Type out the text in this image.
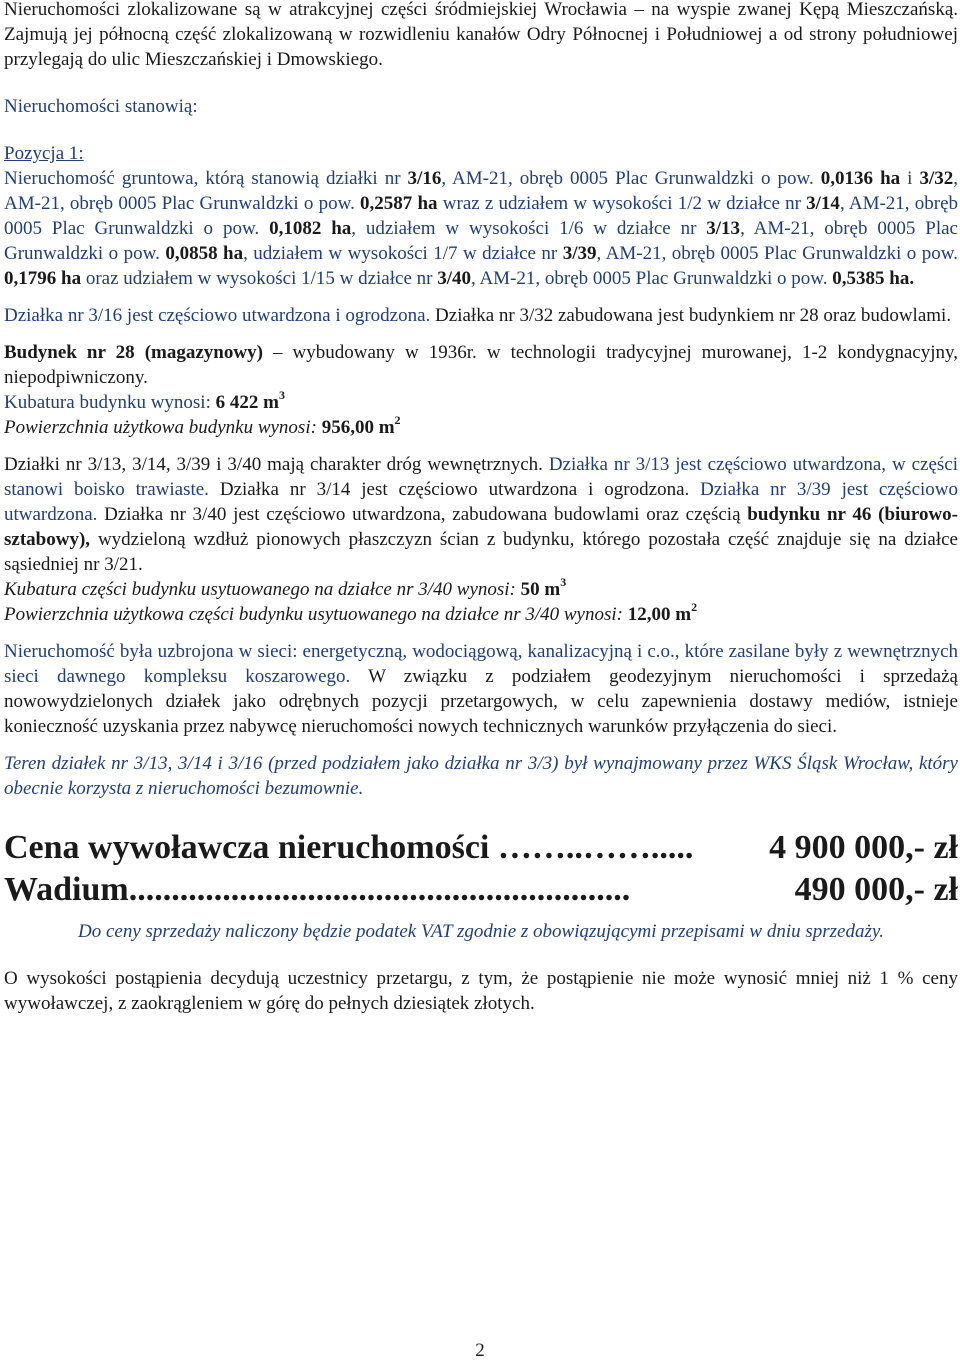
Nieruchomości zlokalizowane są w atrakcyjnej części śródmiejskiej Wrocławia – na wyspie zwanej Kępą Mieszczańską. Zajmują jej północną część zlokalizowaną w rozwidleniu kanałów Odry Północnej i Południowej a od strony południowej przylegają do ulic Mieszczańskiej i Dmowskiego.

Nieruchomości stanowią:

Pozycja 1:

Nieruchomość gruntowa, którą stanowią działki nr 3/16, AM-21, obręb 0005 Plac Grunwaldzki o pow. 0,0136 ha i 3/32, AM-21, obręb 0005 Plac Grunwaldzki o pow. 0,2587 ha wraz z udziałem w wysokości 1/2 w działce nr 3/14, AM-21, obręb 0005 Plac Grunwaldzki o pow. 0,1082 ha, udziałem w wysokości 1/6 w działce nr 3/13, AM-21, obręb 0005 Plac Grunwaldzki o pow. 0,0858 ha, udziałem w wysokości 1/7 w działce nr 3/39, AM-21, obręb 0005 Plac Grunwaldzki o pow. 0,1796 ha oraz udziałem w wysokości 1/15 w działce nr 3/40, AM-21, obręb 0005 Plac Grunwaldzki o pow. 0,5385 ha.

Działka nr 3/16 jest częściowo utwardzona i ogrodzona. Działka nr 3/32 zabudowana jest budynkiem nr 28 oraz budowlami.

Budynek nr 28 (magazynowy) – wybudowany w 1936r. w technologii tradycyjnej murowanej, 1-2 kondygnacyjny, niepodpiwniczony.

Kubatura budynku wynosi: 6 422 $m^3$

Powierzchnia użytkowa budynku wynosi: 956,00 $m^2$

Działki nr 3/13, 3/14, 3/39 i 3/40 mają charakter dróg wewnętrznych. Działka nr 3/13 jest częściowo utwardzona, w części stanowi boisko trawiaste. Działka nr 3/14 jest częściowo utwardzona i ogrodzona. Działka nr 3/39 jest częściowo utwardzona. Działka nr 3/40 jest częściowo utwardzona, zabudowana budowlami oraz częścią budynku nr 46 (biurowo-sztabowy), wydzieloną wzdłuż pionowych płaszczyzn ścian z budynku, którego pozostała część znajduje się na działce sąsiedniej nr 3/21.

Kubatura części budynku usytuowanego na działce nr 3/40 wynosi: 50 $m^3$

Powierzchnia użytkowa części budynku usytuowanego na działce nr 3/40 wynosi: 12,00 $m^2$

Nieruchomość była uzbrojona w sieci: energetyczną, wodociągową, kanalizacyjną i c.o., które zasilane były z wewnętrznych sieci dawnego kompleksu koszarowego. W związku z podziałem geodezyjnym nieruchomości i sprzedażą nowowydzielonych działek jako odrębnych pozycji przetargowych, w celu zapewnienia dostawy mediów, istnieje konieczność uzyskania przez nabywcę nieruchomości nowych technicznych warunków przyłączenia do sieci.

Teren działek nr 3/13, 3/14 i 3/16 (przed podziałem jako działka nr 3/3) był wynajmowany przez WKS Śląsk Wrocław, który obecnie korzysta z nieruchomości bezumownie.

Cena wywoławcza nieruchomości ……..……..... 4 900 000,- zł

Wadium...........................................................	490 000,- zł

Do ceny sprzedaży naliczony będzie podatek VAT zgodnie z obowiązującymi przepisami w dniu sprzedaży.

O wysokości postąpienia decydują uczestnicy przetargu, z tym, że postąpienie nie może wynosić mniej niż 1 % ceny wywoławczej, z zaokrągleniem w górę do pełnych dziesiątek złotych.

2
